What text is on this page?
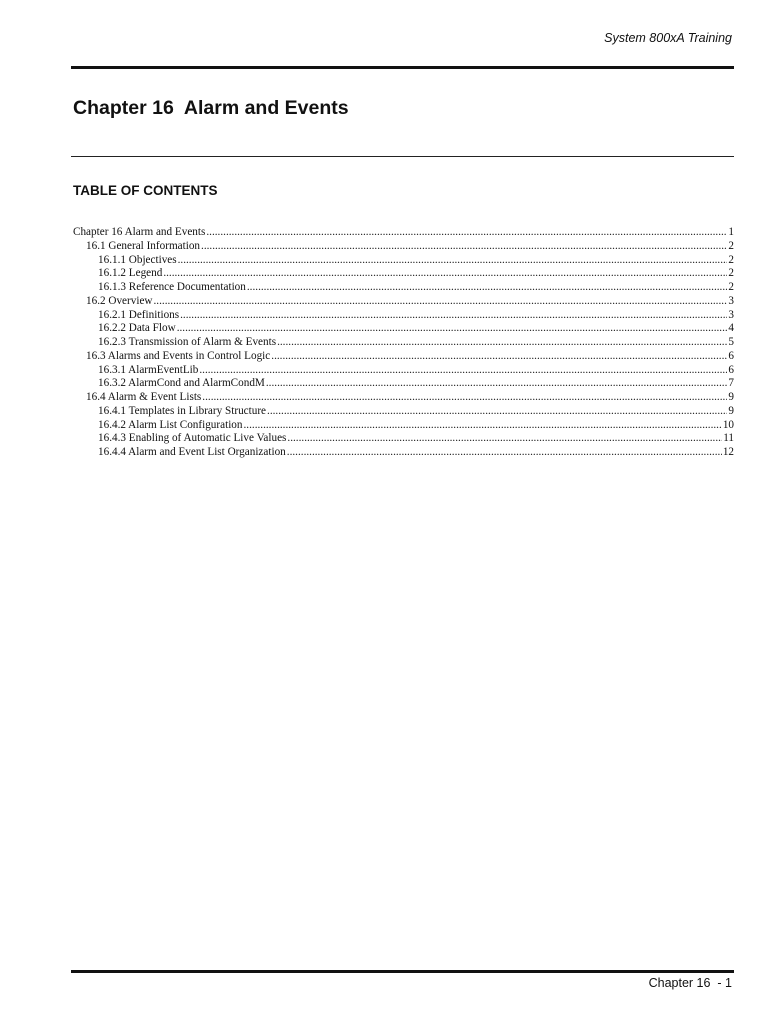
System 800xA Training
Chapter 16  Alarm and Events
TABLE OF CONTENTS
Chapter 16 Alarm and Events .....	1
16.1 General Information .....	2
16.1.1 Objectives .....	2
16.1.2 Legend .....	2
16.1.3 Reference Documentation .....	2
16.2 Overview .....	3
16.2.1 Definitions .....	3
16.2.2 Data Flow .....	4
16.2.3 Transmission of Alarm & Events .....	5
16.3 Alarms and Events in Control Logic .....	6
16.3.1 AlarmEventLib .....	6
16.3.2 AlarmCond and AlarmCondM .....	7
16.4 Alarm & Event Lists .....	9
16.4.1 Templates in Library Structure .....	9
16.4.2 Alarm List Configuration .....	10
16.4.3 Enabling of Automatic Live Values .....	11
16.4.4 Alarm and Event List Organization .....	12
Chapter 16  - 1
